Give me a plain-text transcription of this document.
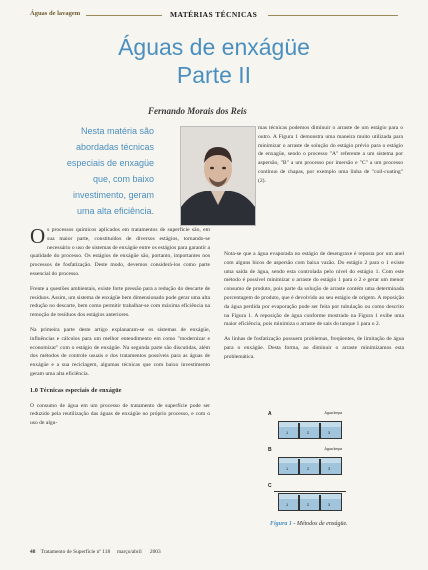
Águas de lavagem	MATÉRIAS TÉCNICAS
Águas de enxágüe
Parte II
Fernando Morais dos Reis
Nesta matéria são abordadas técnicas especiais de enxagüe que, com baixo investimento, geram uma alta eficiência.

mas técnicas podemos diminuir o arraste de um estágio para o outro. A Figura 1 demonstra uma maneira muito utilizada para minimizar o arraste de solução do estágio prévio para o estágio de enxagüe, sendo o processo "A" referente a um sistema por aspersão, "B" a um processo por imersão e "C" a um processo contínuo de chapas, por exemplo uma linha de "coil-coating" (2).

Os processos químicos aplicados em tratamentos de superfície são, em sua maior parte, constituídos de diversos estágios, tornando-se necessário o uso de sistemas de enxágüe entre os estágios para garantir a qualidade do processo. Os estágios de enxágüe são, portanto, importantes nos processos de fosfatização. Deste modo, devemos considerá-los como parte essencial do processo.

Frente a questões ambientais, existe forte pressão para a redução do descarte de resíduos. Assim, um sistema de enxágüe bem dimensionado pode gerar uma alta redução no descarte, bem como permitir trabalhar-se com máxima eficiência na remoção de resíduos dos estágios anteriores.

Na primeira parte deste artigo explanaram-se os sistemas de enxágüe, influências e cálculos para um melhor entendimento em como "modernizar e economizar" com o estágio de enxágüe. Na segunda parte são discutidas, além dos métodos de controle usuais e dos tratamentos possíveis para as águas de enxágüe e a sua reciclagem, algumas técnicas que com baixo investimento geram uma alta eficiência.

1.0 Técnicas especiais de enxágüe

O consumo de água em um processo de tratamento de superfície pode ser reduzido pela reutilização das águas de enxágüe no próprio processo, e com o uso de algu-

Nota-se que a água evaporada no estágio de desengraxe é reposta por um anel com alguns bicos de aspersão com baixa vazão. Do estágio 2 para o 1 existe uma saída de água, sendo esta controlada pelo nível do estágio 1. Com este método é possível minimizar o arraste do estágio 1 para o 2 e gerar um menor consumo de produto, pois parte da solução de arraste contém uma determinada porcentagem de produto, que é devolvido ao seu estágio de origem. A reposição da água perdida por evaporação pode ser feita por tubulação ou como descrito na Figura 1. A reposição de água conforme mostrado na Figura 1 exibe uma maior eficiência, pois minimiza o arraste de sais do tanque 1 para o 2.

As linhas de fosfatização possuem problemas, freqüentes, de limitação de água para o enxágüe. Desta forma, ao diminuir o arraste minimizamos esta problemática.

A
1	2	3
Água limpa
B
1	2	3
Água limpa
C
1	2	3
Figura 1 - Métodos de enxágüe.
48 Tratamento de Superfície nº 118 março/abril 2003
